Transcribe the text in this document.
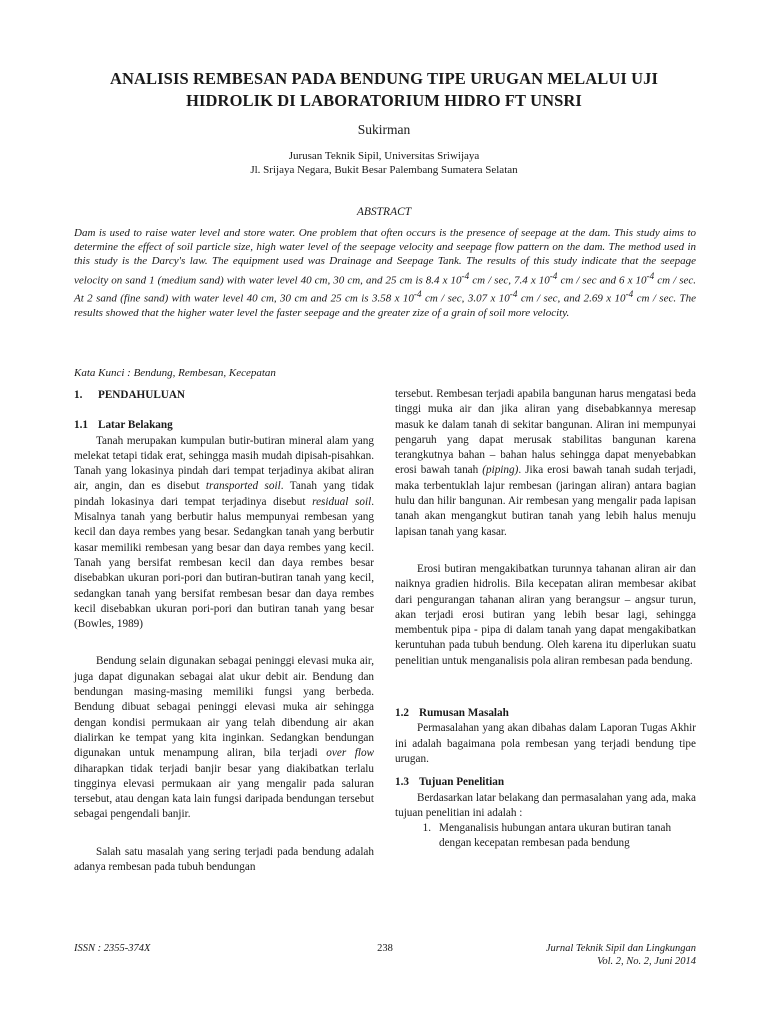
ANALISIS REMBESAN PADA BENDUNG TIPE URUGAN MELALUI UJI
HIDROLIK DI LABORATORIUM HIDRO FT UNSRI
Sukirman
Jurusan Teknik Sipil, Universitas Sriwijaya
Jl. Srijaya Negara, Bukit Besar Palembang Sumatera Selatan
ABSTRACT
Dam is used to raise water level and store water. One problem that often occurs is the presence of seepage at the dam. This study aims to determine the effect of soil particle size, high water level of the seepage velocity and seepage flow pattern on the dam. The method used in this study is the Darcy's law. The equipment used was Drainage and Seepage Tank. The results of this study indicate that the seepage velocity on sand 1 (medium sand) with water level 40 cm, 30 cm, and 25 cm is 8.4 x $10^{-4}$ cm / sec, 7.4 x $10^{-4}$ cm / sec and 6 x $10^{-4}$ cm / sec. At 2 sand (fine sand) with water level 40 cm, 30 cm and 25 cm is 3.58 x $10^{-4}$ cm / sec, 3.07 x $10^{-4}$ cm / sec, and 2.69 x $10^{-4}$ cm / sec. The results showed that the higher water level the faster seepage and the greater zize of a grain of soil more velocity.
Kata Kunci : Bendung, Rembesan, Kecepatan
1. PENDAHULUAN
1.1 Latar Belakang

Tanah merupakan kumpulan butir-butiran mineral alam yang melekat tetapi tidak erat, sehingga masih mudah dipisah-pisahkan. Tanah yang lokasinya pindah dari tempat terjadinya akibat aliran air, angin, dan es disebut transported soil. Tanah yang tidak pindah lokasinya dari tempat terjadinya disebut residual soil. Misalnya tanah yang berbutir halus mempunyai rembesan yang kecil dan daya rembes yang besar. Sedangkan tanah yang berbutir kasar memiliki rembesan yang besar dan daya rembes yang kecil. Tanah yang bersifat rembesan kecil dan daya rembes besar disebabkan ukuran pori-pori dan butiran-butiran tanah yang kecil, sedangkan tanah yang bersifat rembesan besar dan daya rembes kecil disebabkan ukuran pori-pori dan butiran tanah yang besar (Bowles, 1989)

Bendung selain digunakan sebagai peninggi elevasi muka air, juga dapat digunakan sebagai alat ukur debit air. Bendung dan bendungan masing-masing memiliki fungsi yang berbeda. Bendung dibuat sebagai peninggi elevasi muka air sehingga dengan kondisi permukaan air yang telah dibendung air akan dialirkan ke tempat yang kita inginkan. Sedangkan bendungan digunakan untuk menampung aliran, bila terjadi over flow diharapkan tidak terjadi banjir besar yang diakibatkan terlalu tingginya elevasi permukaan air yang mengalir pada saluran tersebut, atau dengan kata lain fungsi daripada bendungan tersebut sebagai pengendali banjir.

Salah satu masalah yang sering terjadi pada bendung adalah adanya rembesan pada tubuh bendungan

tersebut. Rembesan terjadi apabila bangunan harus mengatasi beda tinggi muka air dan jika aliran yang disebabkannya meresap masuk ke dalam tanah di sekitar bangunan. Aliran ini mempunyai pengaruh yang dapat merusak stabilitas bangunan karena terangkutnya bahan – bahan halus sehingga dapat menyebabkan erosi bawah tanah (piping). Jika erosi bawah tanah sudah terjadi, maka terbentuklah lajur rembesan (jaringan aliran) antara bagian hulu dan hilir bangunan. Air rembesan yang mengalir pada lapisan tanah akan mengangkut butiran tanah yang lebih halus menuju lapisan tanah yang kasar.

Erosi butiran mengakibatkan turunnya tahanan aliran air dan naiknya gradien hidrolis. Bila kecepatan aliran membesar akibat dari pengurangan tahanan aliran yang berangsur – angsur turun, akan terjadi erosi butiran yang lebih besar lagi, sehingga membentuk pipa - pipa di dalam tanah yang dapat mengakibatkan keruntuhan pada tubuh bendung. Oleh karena itu diperlukan suatu penelitian untuk menganalisis pola aliran rembesan pada bendung.

1.2 Rumusan Masalah

Permasalahan yang akan dibahas dalam Laporan Tugas Akhir ini adalah bagaimana pola rembesan yang terjadi bendung tipe urugan.

1.3 Tujuan Penelitian

Berdasarkan latar belakang dan permasalahan yang ada, maka tujuan penelitian ini adalah :

1. Menganalisis hubungan antara ukuran butiran tanah dengan kecepatan rembesan pada bendung
ISSN : 2355-374X	238	Jurnal Teknik Sipil dan Lingkungan
Vol. 2, No. 2, Juni 2014
